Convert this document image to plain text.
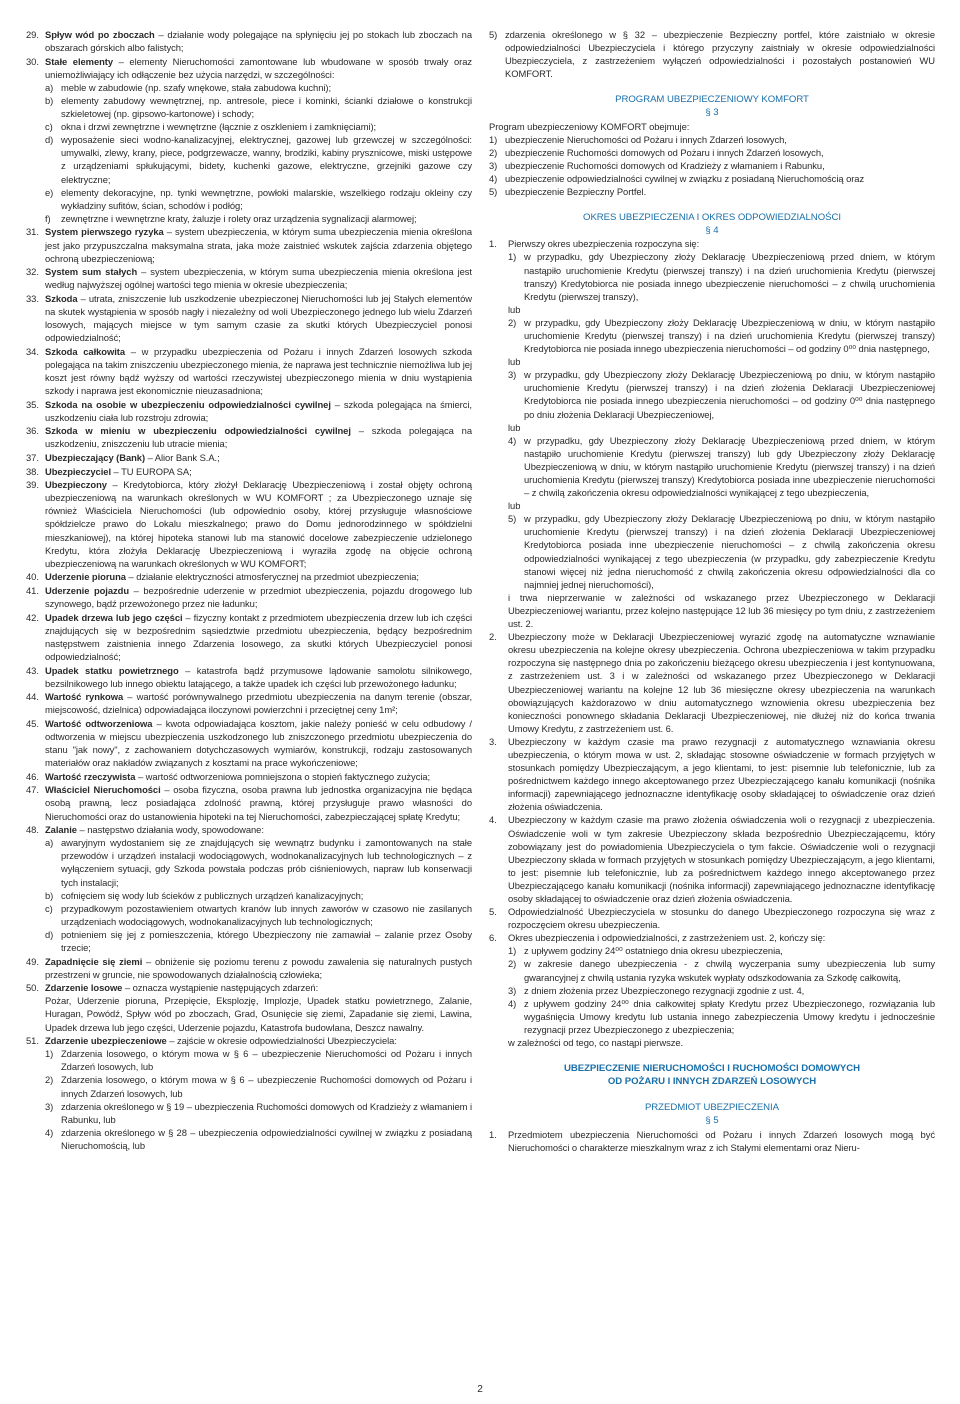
29. Spływ wód po zboczach – działanie wody polegające na spłynięciu jej po stokach lub zboczach na obszarach górskich albo falistych;
30. Stałe elementy – elementy Nieruchomości zamontowane lub wbudowane w sposób trwały oraz uniemożliwiający ich odłączenie bez użycia narzędzi, w szczególności:
a) meble w zabudowie (np. szafy wnękowe, stała zabudowa kuchni);
b) elementy zabudowy wewnętrznej, np. antresole, piece i kominki, ścianki działowe o konstrukcji szkieletowej (np. gipsowo-kartonowe) i schody;
c) okna i drzwi zewnętrzne i wewnętrzne (łącznie z oszkleniem i zamknięciami);
d) wyposażenie sieci wodno-kanalizacyjnej, elektrycznej, gazowej lub grzewczej w szczególności: umywalki, zlewy, krany, piece, podgrzewacze, wanny, brodziki, kabiny prysznicowe, miski ustępowe z urządzeniami spłukującymi, bidety, kuchenki gazowe, elektryczne, grzejniki gazowe czy elektryczne;
e) elementy dekoracyjne, np. tynki wewnętrzne, powłoki malarskie, wszelkiego rodzaju okleiny czy wykładziny sufitów, ścian, schodów i podłóg;
f)	zewnętrzne i wewnętrzne kraty, żaluzje i rolety oraz urządzenia sygnalizacji alarmowej;
31. System pierwszego ryzyka – system ubezpieczenia, w którym suma ubezpieczenia mienia określona jest jako przypuszczalna maksymalna strata, jaka może zaistnieć wskutek zajścia zdarzenia objętego ochroną ubezpieczeniową;
32. System sum stałych – system ubezpieczenia, w którym suma ubezpieczenia mienia określona jest według najwyższej ogólnej wartości tego mienia w okresie ubezpieczenia;
33. Szkoda – utrata, zniszczenie lub uszkodzenie ubezpieczonej Nieruchomości lub jej Stałych elementów na skutek wystąpienia w sposób nagły i niezależny od woli Ubezpieczonego jednego lub wielu Zdarzeń losowych, mających miejsce w tym samym czasie za skutki których Ubezpieczyciel ponosi odpowiedzialność;
34. Szkoda całkowita – w przypadku ubezpieczenia od Pożaru i innych Zdarzeń losowych szkoda polegająca na takim zniszczeniu ubezpieczonego mienia, że naprawa jest technicznie niemożliwa lub jej koszt jest równy bądź wyższy od wartości rzeczywistej ubezpieczonego mienia w dniu wystąpienia szkody i naprawa jest ekonomicznie nieuzasadniona;
35. Szkoda na osobie w ubezpieczeniu odpowiedzialności cywilnej – szkoda polegająca na śmierci, uszkodzeniu ciała lub rozstroju zdrowia;
36. Szkoda w mieniu w ubezpieczeniu odpowiedzialności cywilnej – szkoda polegająca na uszkodzeniu, zniszczeniu lub utracie mienia;
37. Ubezpieczający (Bank) – Alior Bank S.A.;
38. Ubezpieczyciel – TU EUROPA SA;
39. Ubezpieczony – Kredytobiorca, który złożył Deklarację Ubezpieczeniową i został objęty ochroną ubezpieczeniową na warunkach określonych w WU KOMFORT ; za Ubezpieczonego uznaje się również Właściciela Nieruchomości (lub odpowiednio osoby, której przysługuje własnościowe spółdzielcze prawo do Lokalu mieszkalnego; prawo do Domu jednorodzinnego w spółdzielni mieszkaniowej), na której hipoteka stanowi lub ma stanowić docelowe zabezpieczenie udzielonego Kredytu, która złożyła Deklarację Ubezpieczeniową i wyraziła zgodę na objęcie ochroną ubezpieczeniową na warunkach określonych w WU KOMFORT;
40. Uderzenie pioruna – działanie elektryczności atmosferycznej na przedmiot ubezpieczenia;
41. Uderzenie pojazdu – bezpośrednie uderzenie w przedmiot ubezpieczenia, pojazdu drogowego lub szynowego, bądź przewożonego przez nie ładunku;
42. Upadek drzewa lub jego części – fizyczny kontakt z przedmiotem ubezpieczenia drzew lub ich części znajdujących się w bezpośrednim sąsiedztwie przedmiotu ubezpieczenia, będący bezpośrednim następstwem zaistnienia innego Zdarzenia losowego, za skutki których Ubezpieczyciel ponosi odpowiedzialność;
43. Upadek statku powietrznego – katastrofa bądź przymusowe lądowanie samolotu silnikowego, bezsilnikowego lub innego obiektu latającego, a także upadek ich części lub przewożonego ładunku;
44. Wartość rynkowa – wartość porównywalnego przedmiotu ubezpieczenia na danym terenie (obszar, miejscowość, dzielnica) odpowiadająca iloczynowi powierzchni i przeciętnej ceny 1m²;
45. Wartość odtworzeniowa – kwota odpowiadająca kosztom, jakie należy ponieść w celu odbudowy / odtworzenia w miejscu ubezpieczenia uszkodzonego lub zniszczonego przedmiotu ubezpieczenia do stanu "jak nowy", z zachowaniem dotychczasowych wymiarów, konstrukcji, rodzaju zastosowanych materiałów oraz nakładów związanych z kosztami na prace wykończeniowe;
46. Wartość rzeczywista – wartość odtworzeniowa pomniejszona o stopień faktycznego zużycia;
47. Właściciel Nieruchomości – osoba fizyczna, osoba prawna lub jednostka organizacyjna nie będąca osobą prawną, lecz posiadająca zdolność prawną, której przysługuje prawo własności do Nieruchomości oraz do ustanowienia hipoteki na tej Nieruchomości, zabezpieczającej spłatę Kredytu;
48. Zalanie – następstwo działania wody, spowodowane:
a) awaryjnym wydostaniem się ze znajdujących się wewnątrz budynku i zamontowanych na stałe przewodów i urządzeń instalacji wodociągowych, wodnokanalizacyjnych lub technologicznych – z wyłączeniem sytuacji, gdy Szkoda powstała podczas prób ciśnieniowych, napraw lub konserwacji tych instalacji;
b) cofnięciem się wody lub ścieków z publicznych urządzeń kanalizacyjnych;
c) przypadkowym pozostawieniem otwartych kranów lub innych zaworów w czasowo nie zasilanych urządzeniach wodociągowych, wodnokanalizacyjnych lub technologicznych;
d) potnieniem się jej z pomieszczenia, którego Ubezpieczony nie zamawiał – zalanie przez Osoby trzecie;
49. Zapadnięcie się ziemi – obniżenie się poziomu terenu z powodu zawalenia się naturalnych pustych przestrzeni w gruncie, nie spowodowanych działalnością człowieka;
50. Zdarzenie losowe – oznacza wystąpienie następujących zdarzeń:
Pożar, Uderzenie pioruna, Przepięcie, Eksplozję, Implozje, Upadek statku powietrznego, Zalanie, Huragan, Powódź, Spływ wód po zboczach, Grad, Osunięcie się ziemi, Zapadanie się ziemi, Lawina, Upadek drzewa lub jego części, Uderzenie pojazdu, Katastrofa budowlana, Deszcz nawalny.
51. Zdarzenie ubezpieczeniowe – zajście w okresie odpowiedzialności Ubezpieczyciela:
1) Zdarzenia losowego, o którym mowa w § 6 – ubezpieczenie Nieruchomości od Pożaru i innych Zdarzeń losowych, lub
2) Zdarzenia losowego, o którym mowa w § 6 – ubezpieczenie Ruchomości domowych od Pożaru i innych Zdarzeń losowych, lub
3) zdarzenia określonego w § 19 – ubezpieczenia Ruchomości domowych od Kradzieży z włamaniem i Rabunku, lub
4) zdarzenia określonego w § 28 – ubezpieczenia odpowiedzialności cywilnej w związku z posiadaną Nieruchomością, lub
5) zdarzenia określonego w § 32 – ubezpieczenie Bezpieczny portfel, które zaistniało w okresie odpowiedzialności Ubezpieczyciela i którego przyczyny zaistniały w okresie odpowiedzialności Ubezpieczyciela, z zastrzeżeniem wyłączeń odpowiedzialności i pozostałych postanowień WU KOMFORT.

PROGRAM UBEZPIECZENIOWY KOMFORT

§ 3

Program ubezpieczeniowy KOMFORT obejmuje:

1) ubezpieczenie Nieruchomości od Pożaru i innych Zdarzeń losowych,
2) ubezpieczenie Ruchomości domowych od Pożaru i innych Zdarzeń losowych,
3) ubezpieczenie Ruchomości domowych od Kradzieży z włamaniem i Rabunku,
4) ubezpieczenie odpowiedzialności cywilnej w związku z posiadaną Nieruchomością oraz
5) ubezpieczenie Bezpieczny Portfel.

OKRES UBEZPIECZENIA I OKRES ODPOWIEDZIALNOŚCI

§ 4

1.	Pierwszy okres ubezpieczenia rozpoczyna się:
1) w przypadku, gdy Ubezpieczony złoży Deklarację Ubezpieczeniową przed dniem, w którym nastąpiło uruchomienie Kredytu (pierwszej transzy) i na dzień uruchomienia Kredytu (pierwszej transzy) Kredytobiorca nie posiada innego ubezpieczenie nieruchomości – z chwilą uruchomienia Kredytu (pierwszej transzy),

lub

2) w przypadku, gdy Ubezpieczony złoży Deklarację Ubezpieczeniową w dniu, w którym nastąpiło uruchomienie Kredytu (pierwszej transzy) i na dzień uruchomienia Kredytu (pierwszej transzy) Kredytobiorca nie posiada innego ubezpieczenia nieruchomości – od godziny 0⁰⁰ dnia następnego,

lub

3) w przypadku, gdy Ubezpieczony złoży Deklarację Ubezpieczeniową po dniu, w którym nastąpiło uruchomienie Kredytu (pierwszej transzy) i na dzień złożenia Deklaracji Ubezpieczeniowej Kredytobiorca nie posiada innego ubezpieczenia nieruchomości – od godziny 0⁰⁰ dnia następnego po dniu złożenia Deklaracji Ubezpieczeniowej,

lub

4) w przypadku, gdy Ubezpieczony złoży Deklarację Ubezpieczeniową przed dniem, w którym nastąpiło uruchomienie Kredytu (pierwszej transzy) lub gdy Ubezpieczony złoży Deklarację Ubezpieczeniową w dniu, w którym nastąpiło uruchomienie Kredytu (pierwszej transzy) i na dzień uruchomienia Kredytu (pierwszej transzy) Kredytobiorca posiada inne ubezpieczenie nieruchomości – z chwilą zakończenia okresu odpowiedzialności wynikającej z tego ubezpieczenia,

lub

5) w przypadku, gdy Ubezpieczony złoży Deklarację Ubezpieczeniową po dniu, w którym nastąpiło uruchomienie Kredytu (pierwszej transzy) i na dzień złożenia Deklaracji Ubezpieczeniowej Kredytobiorca posiada inne ubezpieczenie nieruchomości – z chwilą zakończenia okresu odpowiedzialności wynikającej z tego ubezpieczenia (w przypadku, gdy zabezpieczenie Kredytu stanowi więcej niż jedna nieruchomość z chwilą zakończenia okresu odpowiedzialności dla co najmniej jednej nieruchomości),

i trwa nieprzerwanie w zależności od wskazanego przez Ubezpieczonego w Deklaracji Ubezpieczeniowej wariantu, przez kolejno następujące 12 lub 36 miesięcy po tym dniu, z zastrzeżeniem ust. 2.

2.	Ubezpieczony może w Deklaracji Ubezpieczeniowej wyrazić zgodę na automatyczne wznawianie okresu ubezpieczenia na kolejne okresy ubezpieczenia. Ochrona ubezpieczeniowa w takim przypadku rozpoczyna się następnego dnia po zakończeniu bieżącego okresu ubezpieczenia i jest kontynuowana, z zastrzeżeniem ust. 3 i w zależności od wskazanego przez Ubezpieczonego w Deklaracji Ubezpieczeniowej wariantu na kolejne 12 lub 36 miesięczne okresy ubezpieczenia na warunkach obowiązujących każdorazowo w dniu automatycznego wznowienia okresu ubezpieczenia bez konieczności ponownego składania Deklaracji Ubezpieczeniowej, nie dłużej niż do końca trwania Umowy Kredytu, z zastrzeżeniem ust. 6.
3.	Ubezpieczony w każdym czasie ma prawo rezygnacji z automatycznego wznawiania okresu ubezpieczenia, o którym mowa w ust. 2, składając stosowne oświadczenie w formach przyjętych w stosunkach pomiędzy Ubezpieczającym, a jego klientami, to jest: pisemnie lub telefonicznie, lub za pośrednictwem każdego innego akceptowanego przez Ubezpieczającego kanału komunikacji (nośnika informacji) zapewniającego jednoznaczne identyfikację osoby składającej to oświadczenie oraz dzień złożenia oświadczenia.
4.	Ubezpieczony w każdym czasie ma prawo złożenia oświadczenia woli o rezygnacji z ubezpieczenia. Oświadczenie woli w tym zakresie Ubezpieczony składa bezpośrednio Ubezpieczającemu, który zobowiązany jest do powiadomienia Ubezpieczyciela o tym fakcie. Oświadczenie woli o rezygnacji Ubezpieczony składa w formach przyjętych w stosunkach pomiędzy Ubezpieczającym, a jego klientami, to jest: pisemnie lub telefonicznie, lub za pośrednictwem każdego innego akceptowanego przez Ubezpieczającego kanału komunikacji (nośnika informacji) zapewniającego jednoznaczne identyfikację osoby składającej to oświadczenie oraz dzień złożenia oświadczenia.
5.	Odpowiedzialność Ubezpieczyciela w stosunku do danego Ubezpieczonego rozpoczyna się wraz z rozpoczęciem okresu ubezpieczenia.
6.	Okres ubezpieczenia i odpowiedzialności, z zastrzeżeniem ust. 2, kończy się:
1) z upływem godziny 24⁰⁰ ostatniego dnia okresu ubezpieczenia,
2) w zakresie danego ubezpieczenia - z chwilą wyczerpania sumy ubezpieczenia lub sumy gwarancyjnej z chwilą ustania ryzyka wskutek wypłaty odszkodowania za Szkodę całkowitą,
3) z dniem złożenia przez Ubezpieczonego rezygnacji zgodnie z ust. 4,
4) z upływem godziny 24⁰⁰ dnia całkowitej spłaty Kredytu przez Ubezpieczonego, rozwiązania lub wygaśnięcia Umowy kredytu lub ustania innego zabezpieczenia Umowy kredytu i jednocześnie rezygnacji przez Ubezpieczonego z ubezpieczenia;

w zależności od tego, co nastąpi pierwsze.

UBEZPIECZENIE NIERUCHOMOŚCI I RUCHOMOŚCI DOMOWYCH

OD POŻARU I INNYCH ZDARZEŃ LOSOWYCH

PRZEDMIOT UBEZPIECZENIA

§ 5

1.	Przedmiotem ubezpieczenia Nieruchomości od Pożaru i innych Zdarzeń losowych mogą być Nieruchomości o charakterze mieszkalnym wraz z ich Stałymi elementami oraz Nieru-
2
